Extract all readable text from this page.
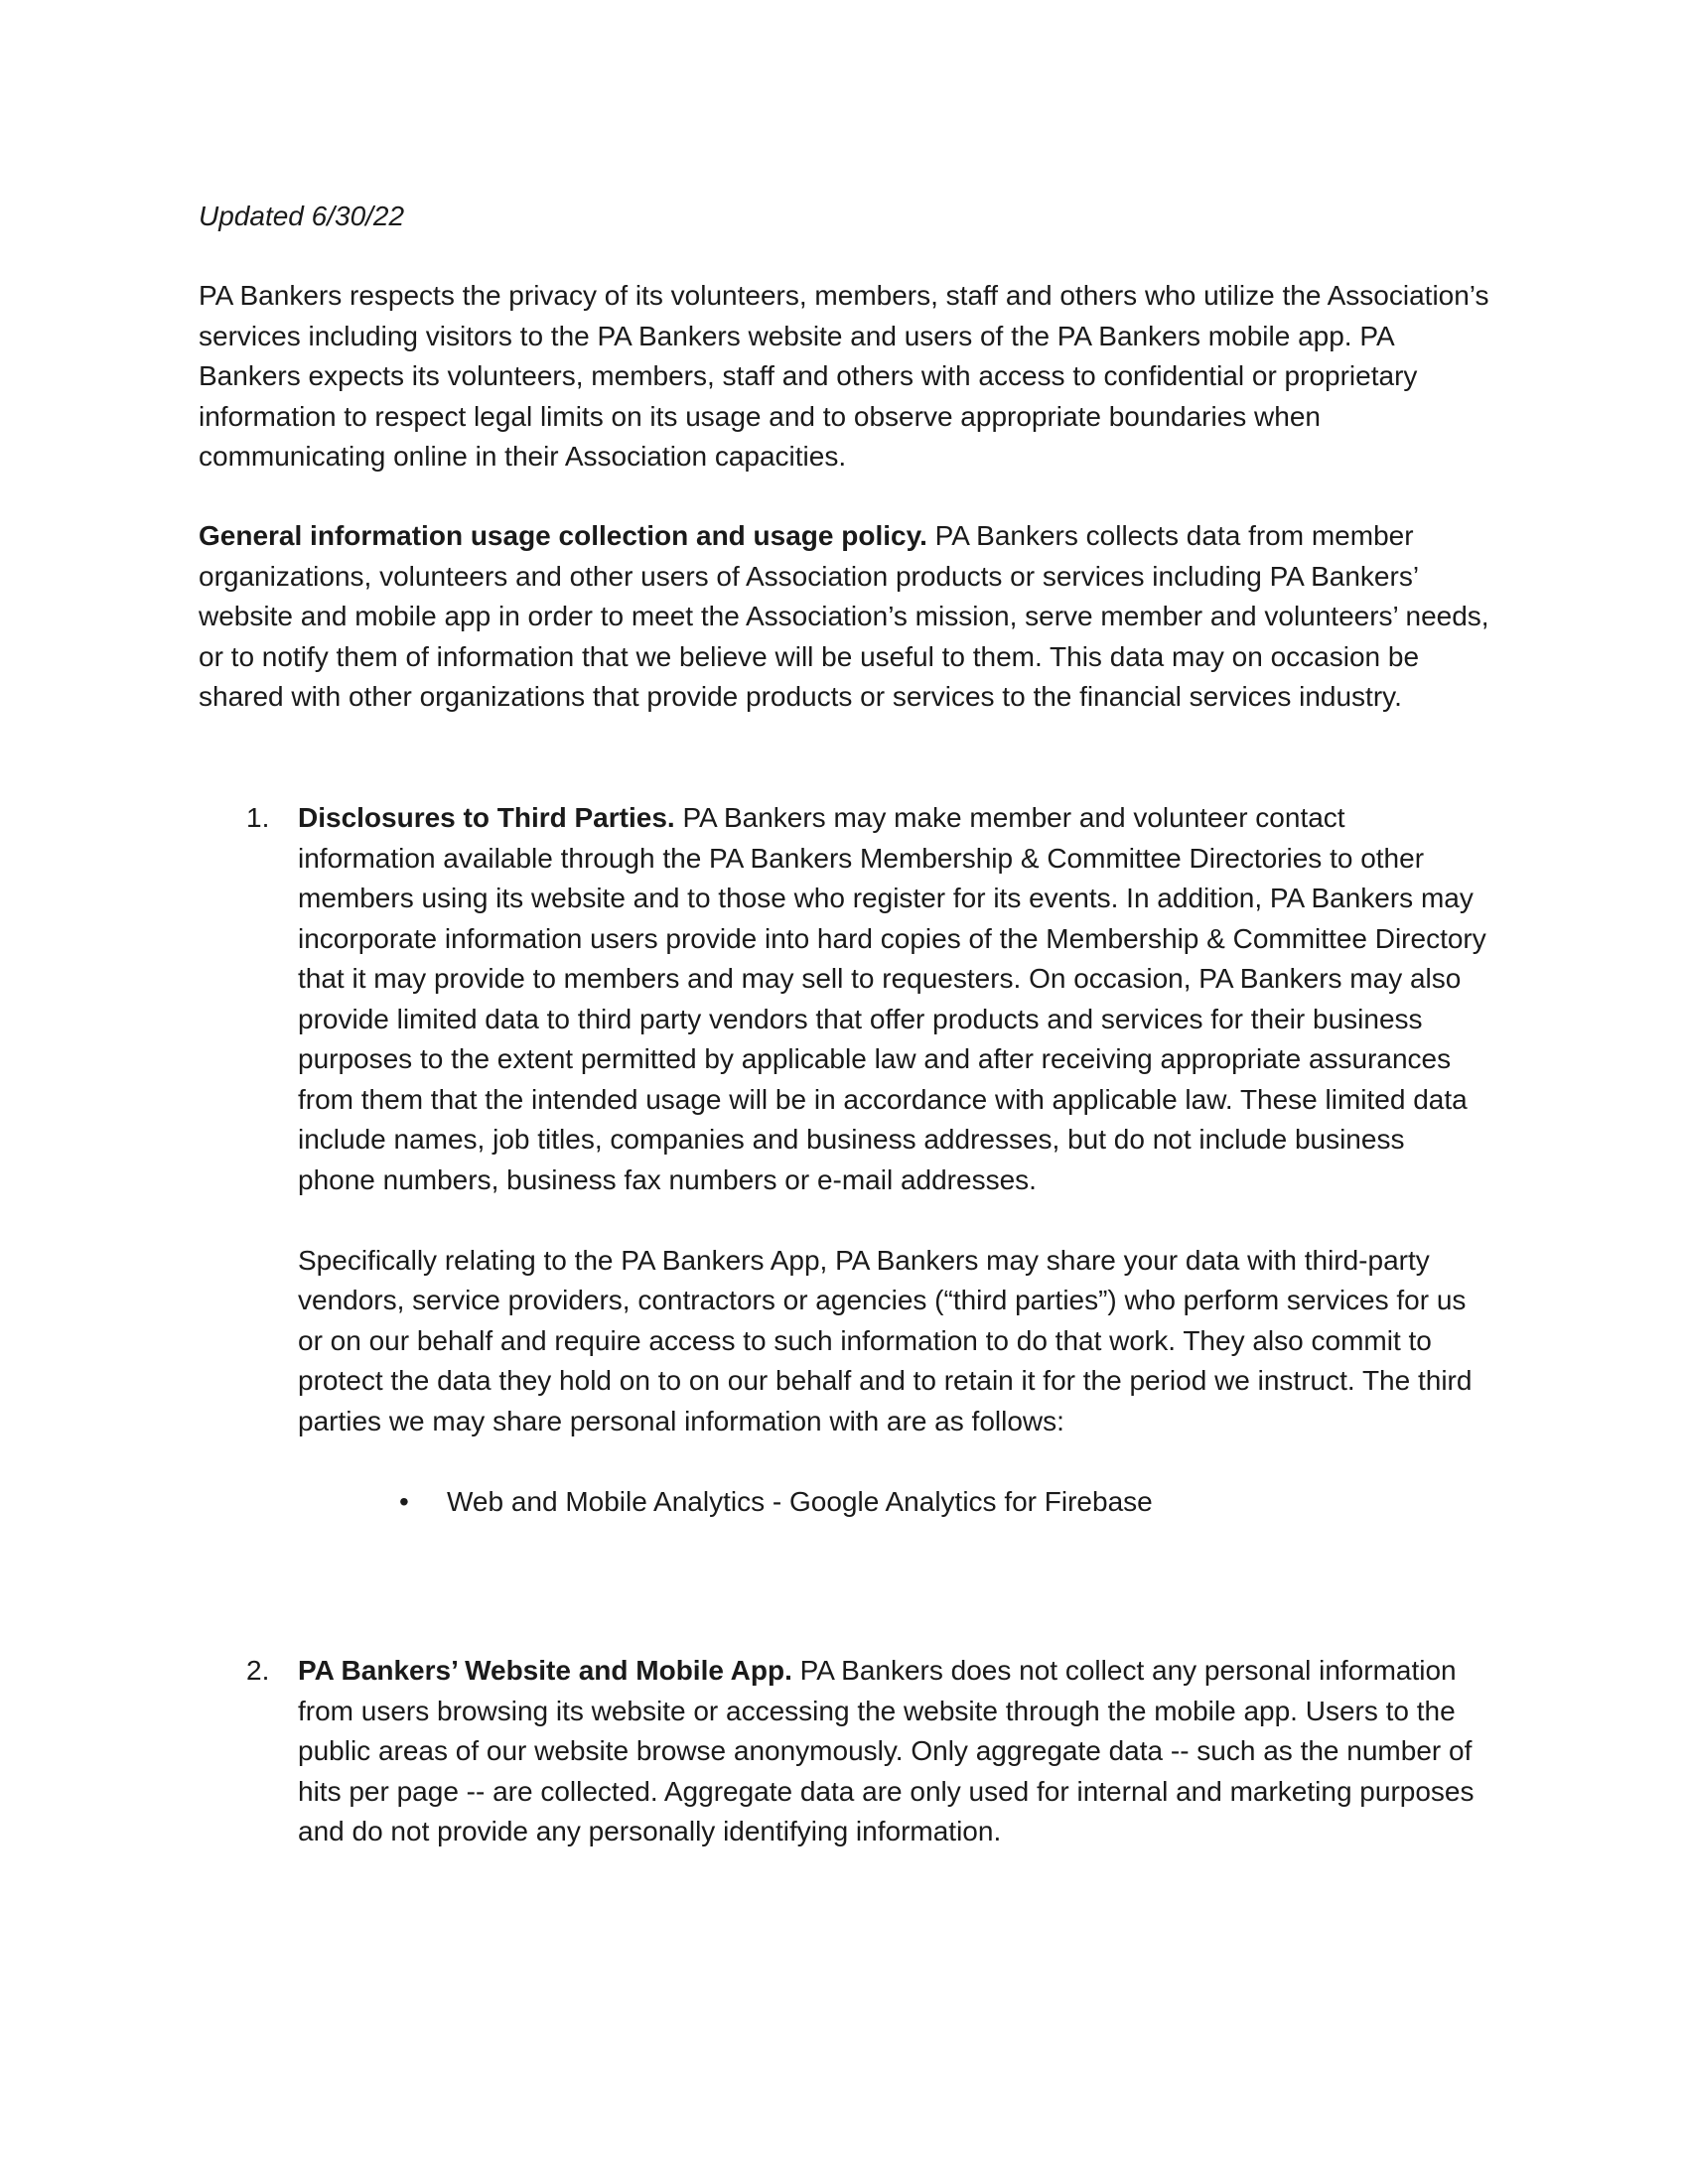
Updated 6/30/22
PA Bankers respects the privacy of its volunteers, members, staff and others who utilize the Association’s services including visitors to the PA Bankers website and users of the PA Bankers mobile app. PA Bankers expects its volunteers, members, staff and others with access to confidential or proprietary information to respect legal limits on its usage and to observe appropriate boundaries when communicating online in their Association capacities.
General information usage collection and usage policy. PA Bankers collects data from member organizations, volunteers and other users of Association products or services including PA Bankers’ website and mobile app in order to meet the Association’s mission, serve member and volunteers’ needs, or to notify them of information that we believe will be useful to them. This data may on occasion be shared with other organizations that provide products or services to the financial services industry.
1. Disclosures to Third Parties. PA Bankers may make member and volunteer contact information available through the PA Bankers Membership & Committee Directories to other members using its website and to those who register for its events. In addition, PA Bankers may incorporate information users provide into hard copies of the Membership & Committee Directory that it may provide to members and may sell to requesters. On occasion, PA Bankers may also provide limited data to third party vendors that offer products and services for their business purposes to the extent permitted by applicable law and after receiving appropriate assurances from them that the intended usage will be in accordance with applicable law. These limited data include names, job titles, companies and business addresses, but do not include business phone numbers, business fax numbers or e-mail addresses.
Specifically relating to the PA Bankers App, PA Bankers may share your data with third-party vendors, service providers, contractors or agencies (“third parties”) who perform services for us or on our behalf and require access to such information to do that work. They also commit to protect the data they hold on to on our behalf and to retain it for the period we instruct. The third parties we may share personal information with are as follows:
• Web and Mobile Analytics - Google Analytics for Firebase
2. PA Bankers’ Website and Mobile App. PA Bankers does not collect any personal information from users browsing its website or accessing the website through the mobile app. Users to the public areas of our website browse anonymously. Only aggregate data -- such as the number of hits per page -- are collected. Aggregate data are only used for internal and marketing purposes and do not provide any personally identifying information.
